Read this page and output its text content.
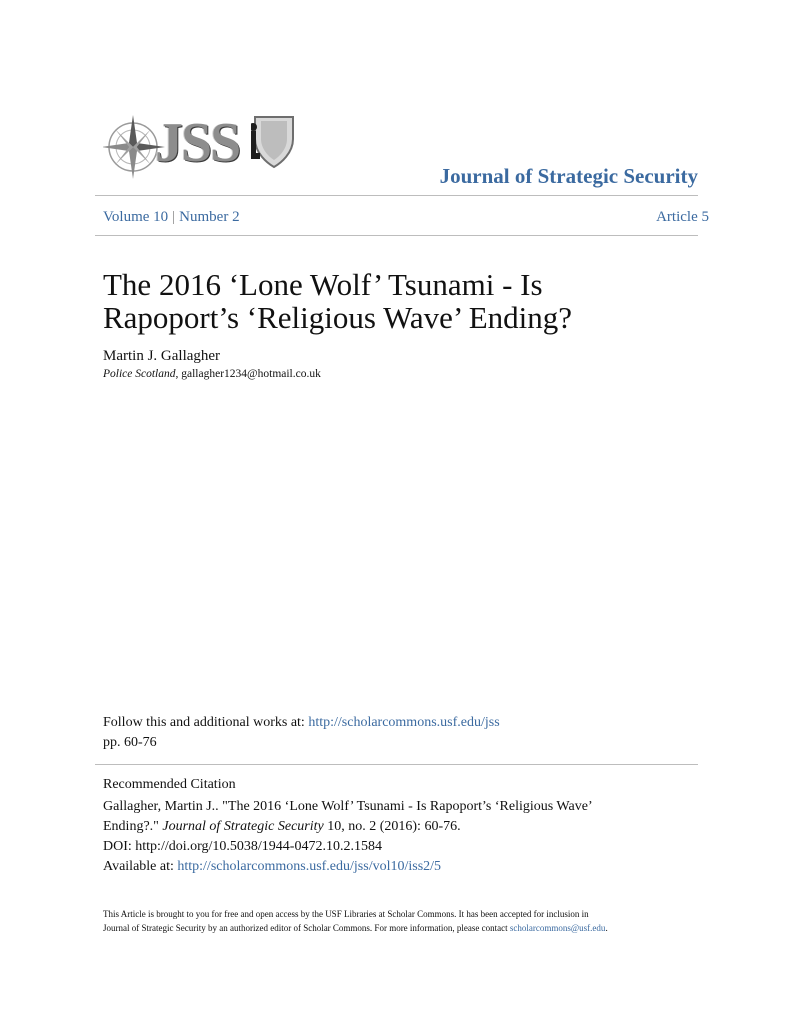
JSS
Journal of Strategic Security
Volume 10 | Number 2	Article 5
The 2016 ‘Lone Wolf’ Tsunami - Is
Rapoport’s ‘Religious Wave’ Ending?
Martin J. Gallagher
Police Scotland, gallagher1234@hotmail.co.uk
Follow this and additional works at: http://scholarcommons.usf.edu/jss
pp. 60-76
Recommended Citation
Gallagher, Martin J.. "The 2016 ‘Lone Wolf’ Tsunami - Is Rapoport’s ‘Religious Wave’
Ending?." Journal of Strategic Security 10, no. 2 (2016): 60-76.
DOI: http://doi.org/10.5038/1944-0472.10.2.1584
Available at: http://scholarcommons.usf.edu/jss/vol10/iss2/5
This Article is brought to you for free and open access by the USF Libraries at Scholar Commons. It has been accepted for inclusion in
Journal of Strategic Security by an authorized editor of Scholar Commons. For more information, please contact scholarcommons@usf.edu.
